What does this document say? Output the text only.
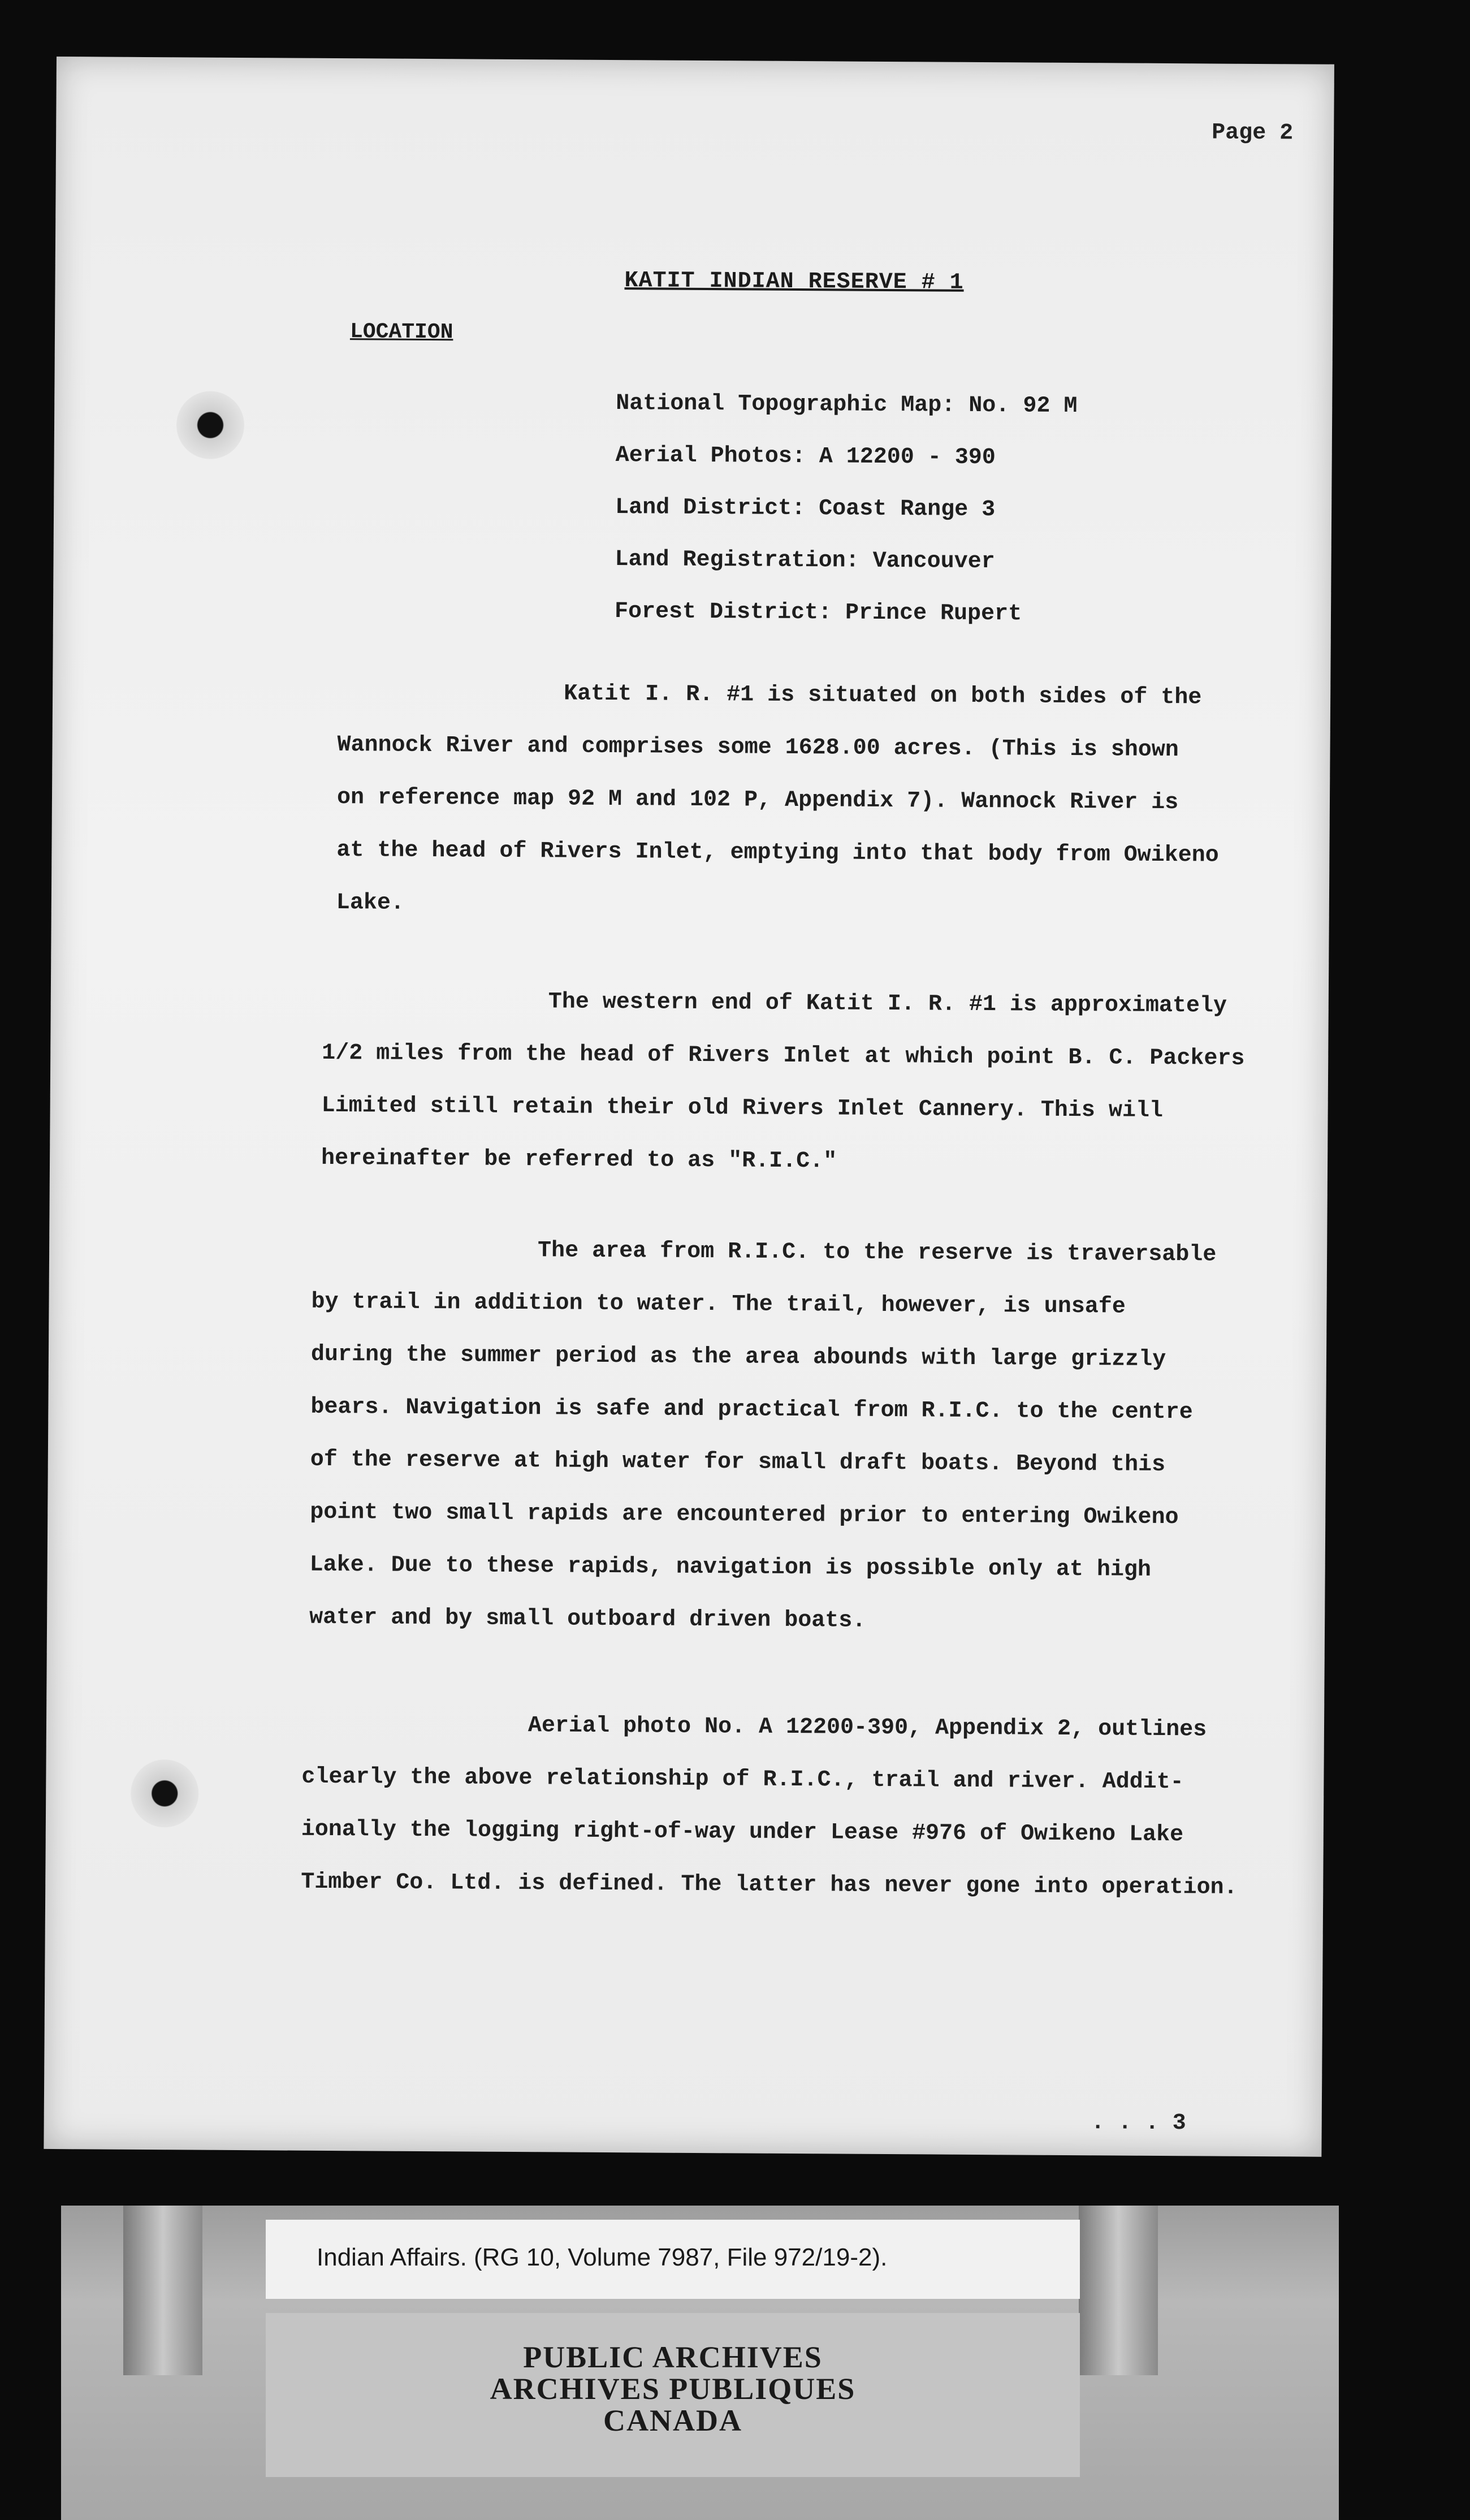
Page 2
KATIT INDIAN RESERVE # 1
LOCATION
National Topographic Map: No. 92 M
Aerial Photos: A 12200 - 390
Land District: Coast Range 3
Land Registration: Vancouver
Forest District: Prince Rupert
Katit I. R. #1 is situated on both sides of the
Wannock River and comprises some 1628.00 acres. (This is shown
on reference map 92 M and 102 P, Appendix 7). Wannock River is
at the head of Rivers Inlet, emptying into that body from Owikeno
Lake.
The western end of Katit I. R. #1 is approximately
1/2 miles from the head of Rivers Inlet at which point B. C. Packers
Limited still retain their old Rivers Inlet Cannery. This will
hereinafter be referred to as "R.I.C."
The area from R.I.C. to the reserve is traversable
by trail in addition to water. The trail, however, is unsafe
during the summer period as the area abounds with large grizzly
bears. Navigation is safe and practical from R.I.C. to the centre
of the reserve at high water for small draft boats. Beyond this
point two small rapids are encountered prior to entering Owikeno
Lake. Due to these rapids, navigation is possible only at high
water and by small outboard driven boats.
Aerial photo No. A 12200-390, Appendix 2, outlines
clearly the above relationship of R.I.C., trail and river. Addit-
ionally the logging right-of-way under Lease #976 of Owikeno Lake
Timber Co. Ltd. is defined. The latter has never gone into operation.
. . . 3
Indian Affairs. (RG 10, Volume 7987, File 972/19-2).
PUBLIC ARCHIVES
ARCHIVES PUBLIQUES
CANADA
